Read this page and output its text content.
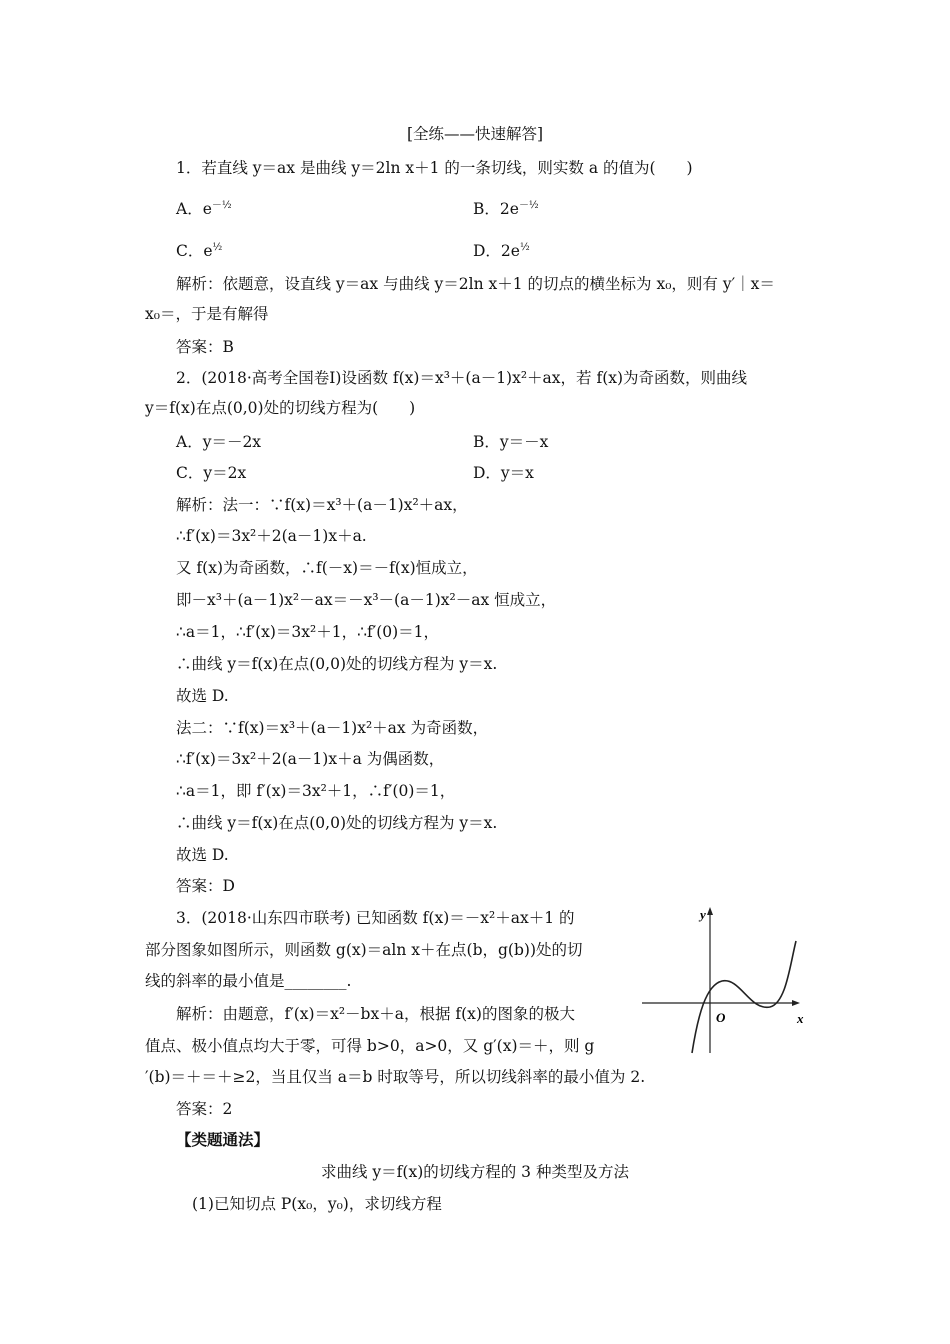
[全练——快速解答]
1．若直线 y＝ax 是曲线 y＝2ln x＋1 的一条切线，则实数 a 的值为(　　)
A．$e^{-\frac{1}{2}}$	B．$2e^{-\frac{1}{2}}$
C．$e^{\frac{1}{2}}$	D．$2e^{\frac{1}{2}}$
解析：依题意，设直线 y＝ax 与曲线 y＝2ln x＋1 的切点的横坐标为 x₀，则有 y′｜x＝
x₀＝，于是有解得
答案：B
2．(2018·高考全国卷Ⅰ)设函数 f(x)＝x³＋(a－1)x²＋ax，若 f(x)为奇函数，则曲线
y＝f(x)在点(0,0)处的切线方程为(　　)
A．y＝－2x	B．y＝－x
C．y＝2x	D．y＝x
解析：法一：∵f(x)＝x³＋(a－1)x²＋ax，
∴f′(x)＝3x²＋2(a－1)x＋a.
又 f(x)为奇函数，∴f(－x)＝－f(x)恒成立，
即－x³＋(a－1)x²－ax＝－x³－(a－1)x²－ax 恒成立，
∴a＝1，∴f′(x)＝3x²＋1，∴f′(0)＝1，
∴曲线 y＝f(x)在点(0,0)处的切线方程为 y＝x.
故选 D.
法二：∵f(x)＝x³＋(a－1)x²＋ax 为奇函数，
∴f′(x)＝3x²＋2(a－1)x＋a 为偶函数，
∴a＝1，即 f′(x)＝3x²＋1，∴f′(0)＝1，
∴曲线 y＝f(x)在点(0,0)处的切线方程为 y＝x.
故选 D.
答案：D
3．(2018·山东四市联考) 已知函数 f(x)＝－x²＋ax＋1 的
部分图象如图所示，则函数 g(x)＝aln x＋在点(b，g(b))处的切
线的斜率的最小值是________.
解析：由题意，f′(x)＝x²－bx＋a，根据 f(x)的图象的极大
值点、极小值点均大于零，可得 b>0，a>0，又 g′(x)＝＋，则 g
′(b)＝＋＝＋≥2，当且仅当 a＝b 时取等号，所以切线斜率的最小值为 2.
答案：2
y
x
O
【类题通法】
求曲线 y＝f(x)的切线方程的 3 种类型及方法
(1)已知切点 P(x₀，y₀)，求切线方程
